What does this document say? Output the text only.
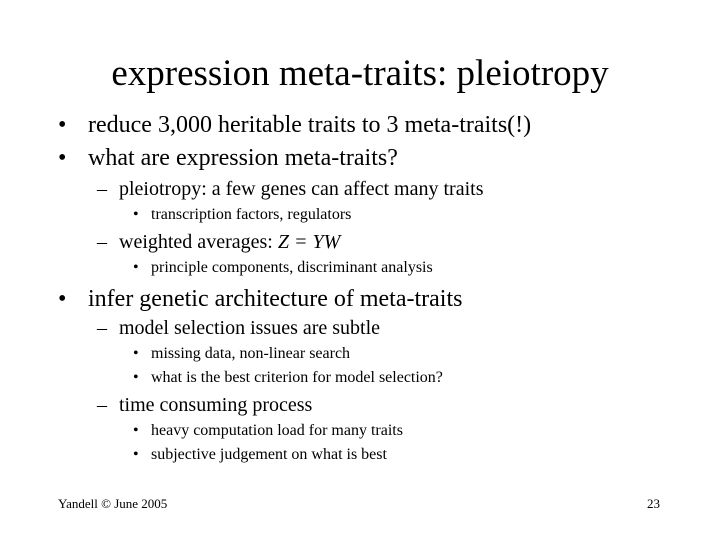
expression meta-traits: pleiotropy
• reduce 3,000 heritable traits to 3 meta-traits(!)
• what are expression meta-traits?
– pleiotropy: a few genes can affect many traits
• transcription factors, regulators
– weighted averages: Z = YW
• principle components, discriminant analysis
• infer genetic architecture of meta-traits
– model selection issues are subtle
• missing data, non-linear search
• what is the best criterion for model selection?
– time consuming process
• heavy computation load for many traits
• subjective judgement on what is best
Yandell © June 2005	23
